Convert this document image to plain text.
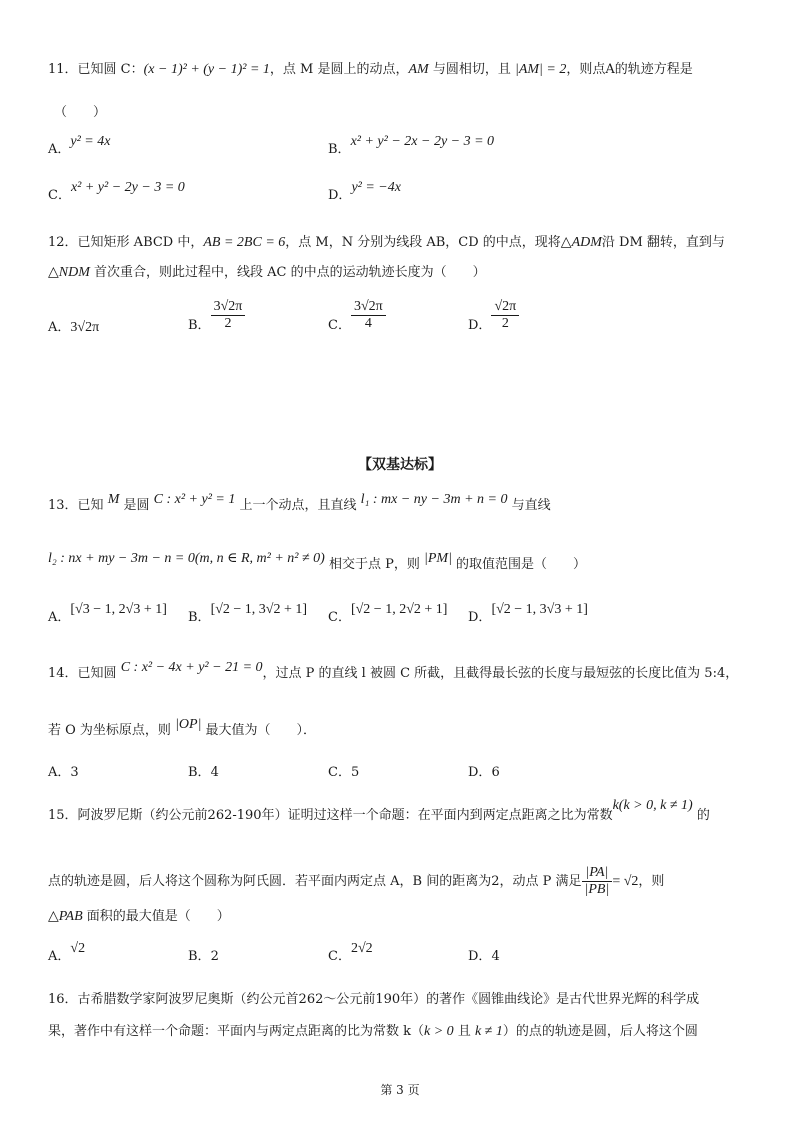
11．已知圆 C：(x − 1)² + (y − 1)² = 1，点 M 是圆上的动点，AM 与圆相切，且 |AM| = 2，则点A的轨迹方程是
（　　）
A．y² = 4x
B．x² + y² − 2x − 2y − 3 = 0
C．x² + y² − 2y − 3 = 0
D．y² = −4x
12．已知矩形 ABCD 中，AB = 2BC = 6，点 M，N 分别为线段 AB，CD 的中点，现将△ADM沿 DM 翻转，直到与
△NDM 首次重合，则此过程中，线段 AC 的中点的运动轨迹长度为（　　）
A．3√2π	B． $\frac{3√2\pi}{2}$	C． $\frac{3√2\pi}{4}$	D． $\frac{√2\pi}{2}$
【双基达标】
13．已知 M 是圆 C : x² + y² = 1 上一个动点，且直线 l₁ : mx − ny − 3m + n = 0 与直线
l₂ : nx + my − 3m − n = 0(m, n ∈ R, m² + n² ≠ 0) 相交于点 P，则 |PM| 的取值范围是（　　）
A．[√3 − 1, 2√3 + 1]
B．[√2 − 1, 3√2 + 1]
C．[√2 − 1, 2√2 + 1]
D．[√2 − 1, 3√3 + 1]
14．已知圆 C : x² − 4x + y² − 21 = 0，过点 P 的直线 l 被圆 C 所截，且截得最长弦的长度与最短弦的长度比值为 5:4，
若 O 为坐标原点，则 |OP| 最大值为（　　）．
A．3	B．4	C．5	D．6
15．阿波罗尼斯（约公元前262-190年）证明过这样一个命题：在平面内到两定点距离之比为常数k(k > 0, k ≠ 1) 的
点的轨迹是圆，后人将这个圆称为阿氏圆．若平面内两定点 A，B 间的距离为2，动点 P 满足 $\frac{|PA|}{|PB|} = √2$，则
△PAB 面积的最大值是（　　）
A．√2
B．2	C．2√2
D．4
16．古希腊数学家阿波罗尼奥斯（约公元首262～公元前190年）的著作《圆锥曲线论》是古代世界光辉的科学成
果，著作中有这样一个命题：平面内与两定点距离的比为常数 k（k > 0 且 k ≠ 1）的点的轨迹是圆，后人将这个圆
第 3 页
